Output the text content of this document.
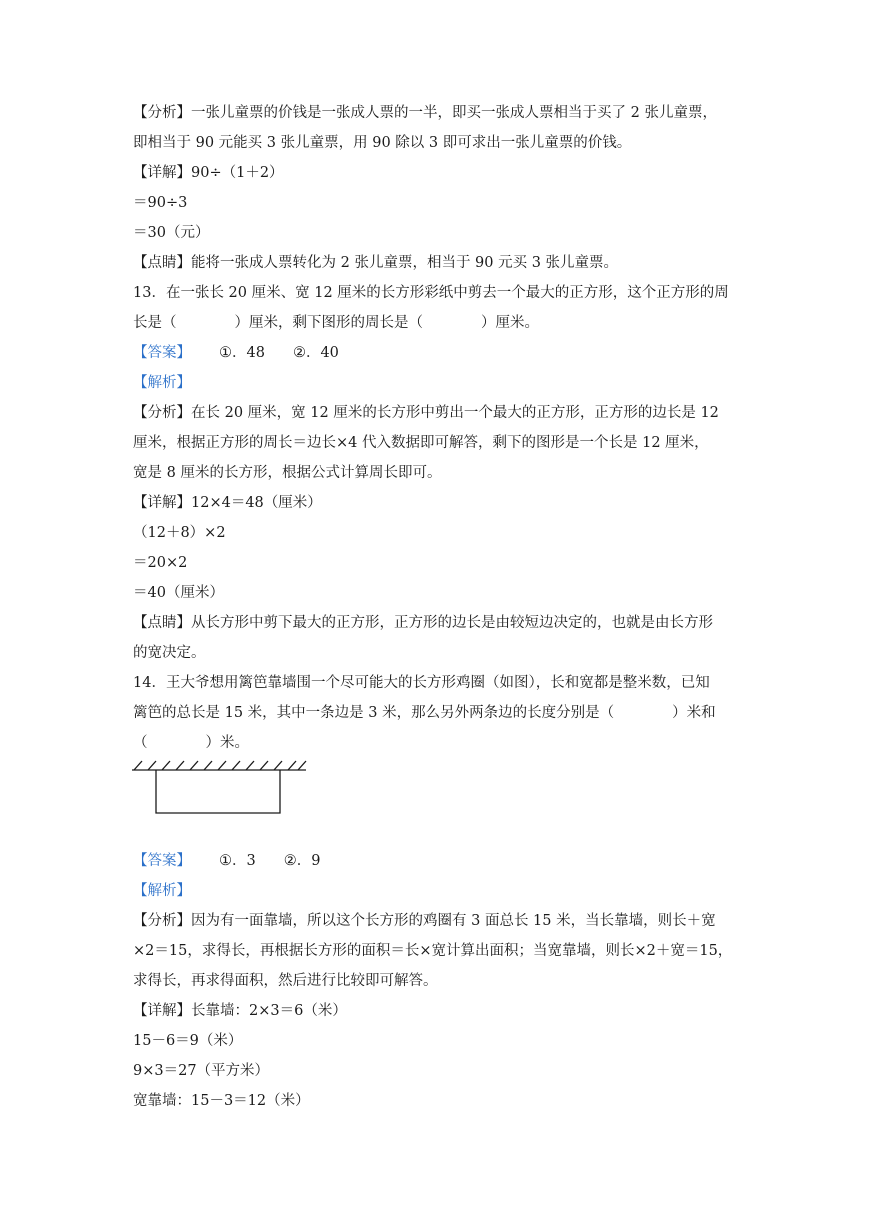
【分析】一张儿童票的价钱是一张成人票的一半，即买一张成人票相当于买了 2 张儿童票，
即相当于 90 元能买 3 张儿童票，用 90 除以 3 即可求出一张儿童票的价钱。
【详解】90÷（1＋2）
＝90÷3
＝30（元）
【点睛】能将一张成人票转化为 2 张儿童票，相当于 90 元买 3 张儿童票。
13．在一张长 20 厘米、宽 12 厘米的长方形彩纸中剪去一个最大的正方形，这个正方形的周
长是（　　　　）厘米，剩下图形的周长是（　　　　）厘米。
【答案】 ①．48 ②．40
【解析】
【分析】在长 20 厘米，宽 12 厘米的长方形中剪出一个最大的正方形，正方形的边长是 12
厘米，根据正方形的周长＝边长×4 代入数据即可解答，剩下的图形是一个长是 12 厘米，
宽是 8 厘米的长方形，根据公式计算周长即可。
【详解】12×4＝48（厘米）
（12＋8）×2
＝20×2
＝40（厘米）
【点睛】从长方形中剪下最大的正方形，正方形的边长是由较短边决定的，也就是由长方形
的宽决定。
14．王大爷想用篱笆靠墙围一个尽可能大的长方形鸡圈（如图），长和宽都是整米数，已知
篱笆的总长是 15 米，其中一条边是 3 米，那么另外两条边的长度分别是（　　　　）米和
（　　　　）米。
【答案】 ①．3 ②．9
【解析】
【分析】因为有一面靠墙，所以这个长方形的鸡圈有 3 面总长 15 米，当长靠墙，则长＋宽
×2＝15，求得长，再根据长方形的面积＝长×宽计算出面积；当宽靠墙，则长×2＋宽＝15，
求得长，再求得面积，然后进行比较即可解答。
【详解】长靠墙：2×3＝6（米）
15－6＝9（米）
9×3＝27（平方米）
宽靠墙：15－3＝12（米）
